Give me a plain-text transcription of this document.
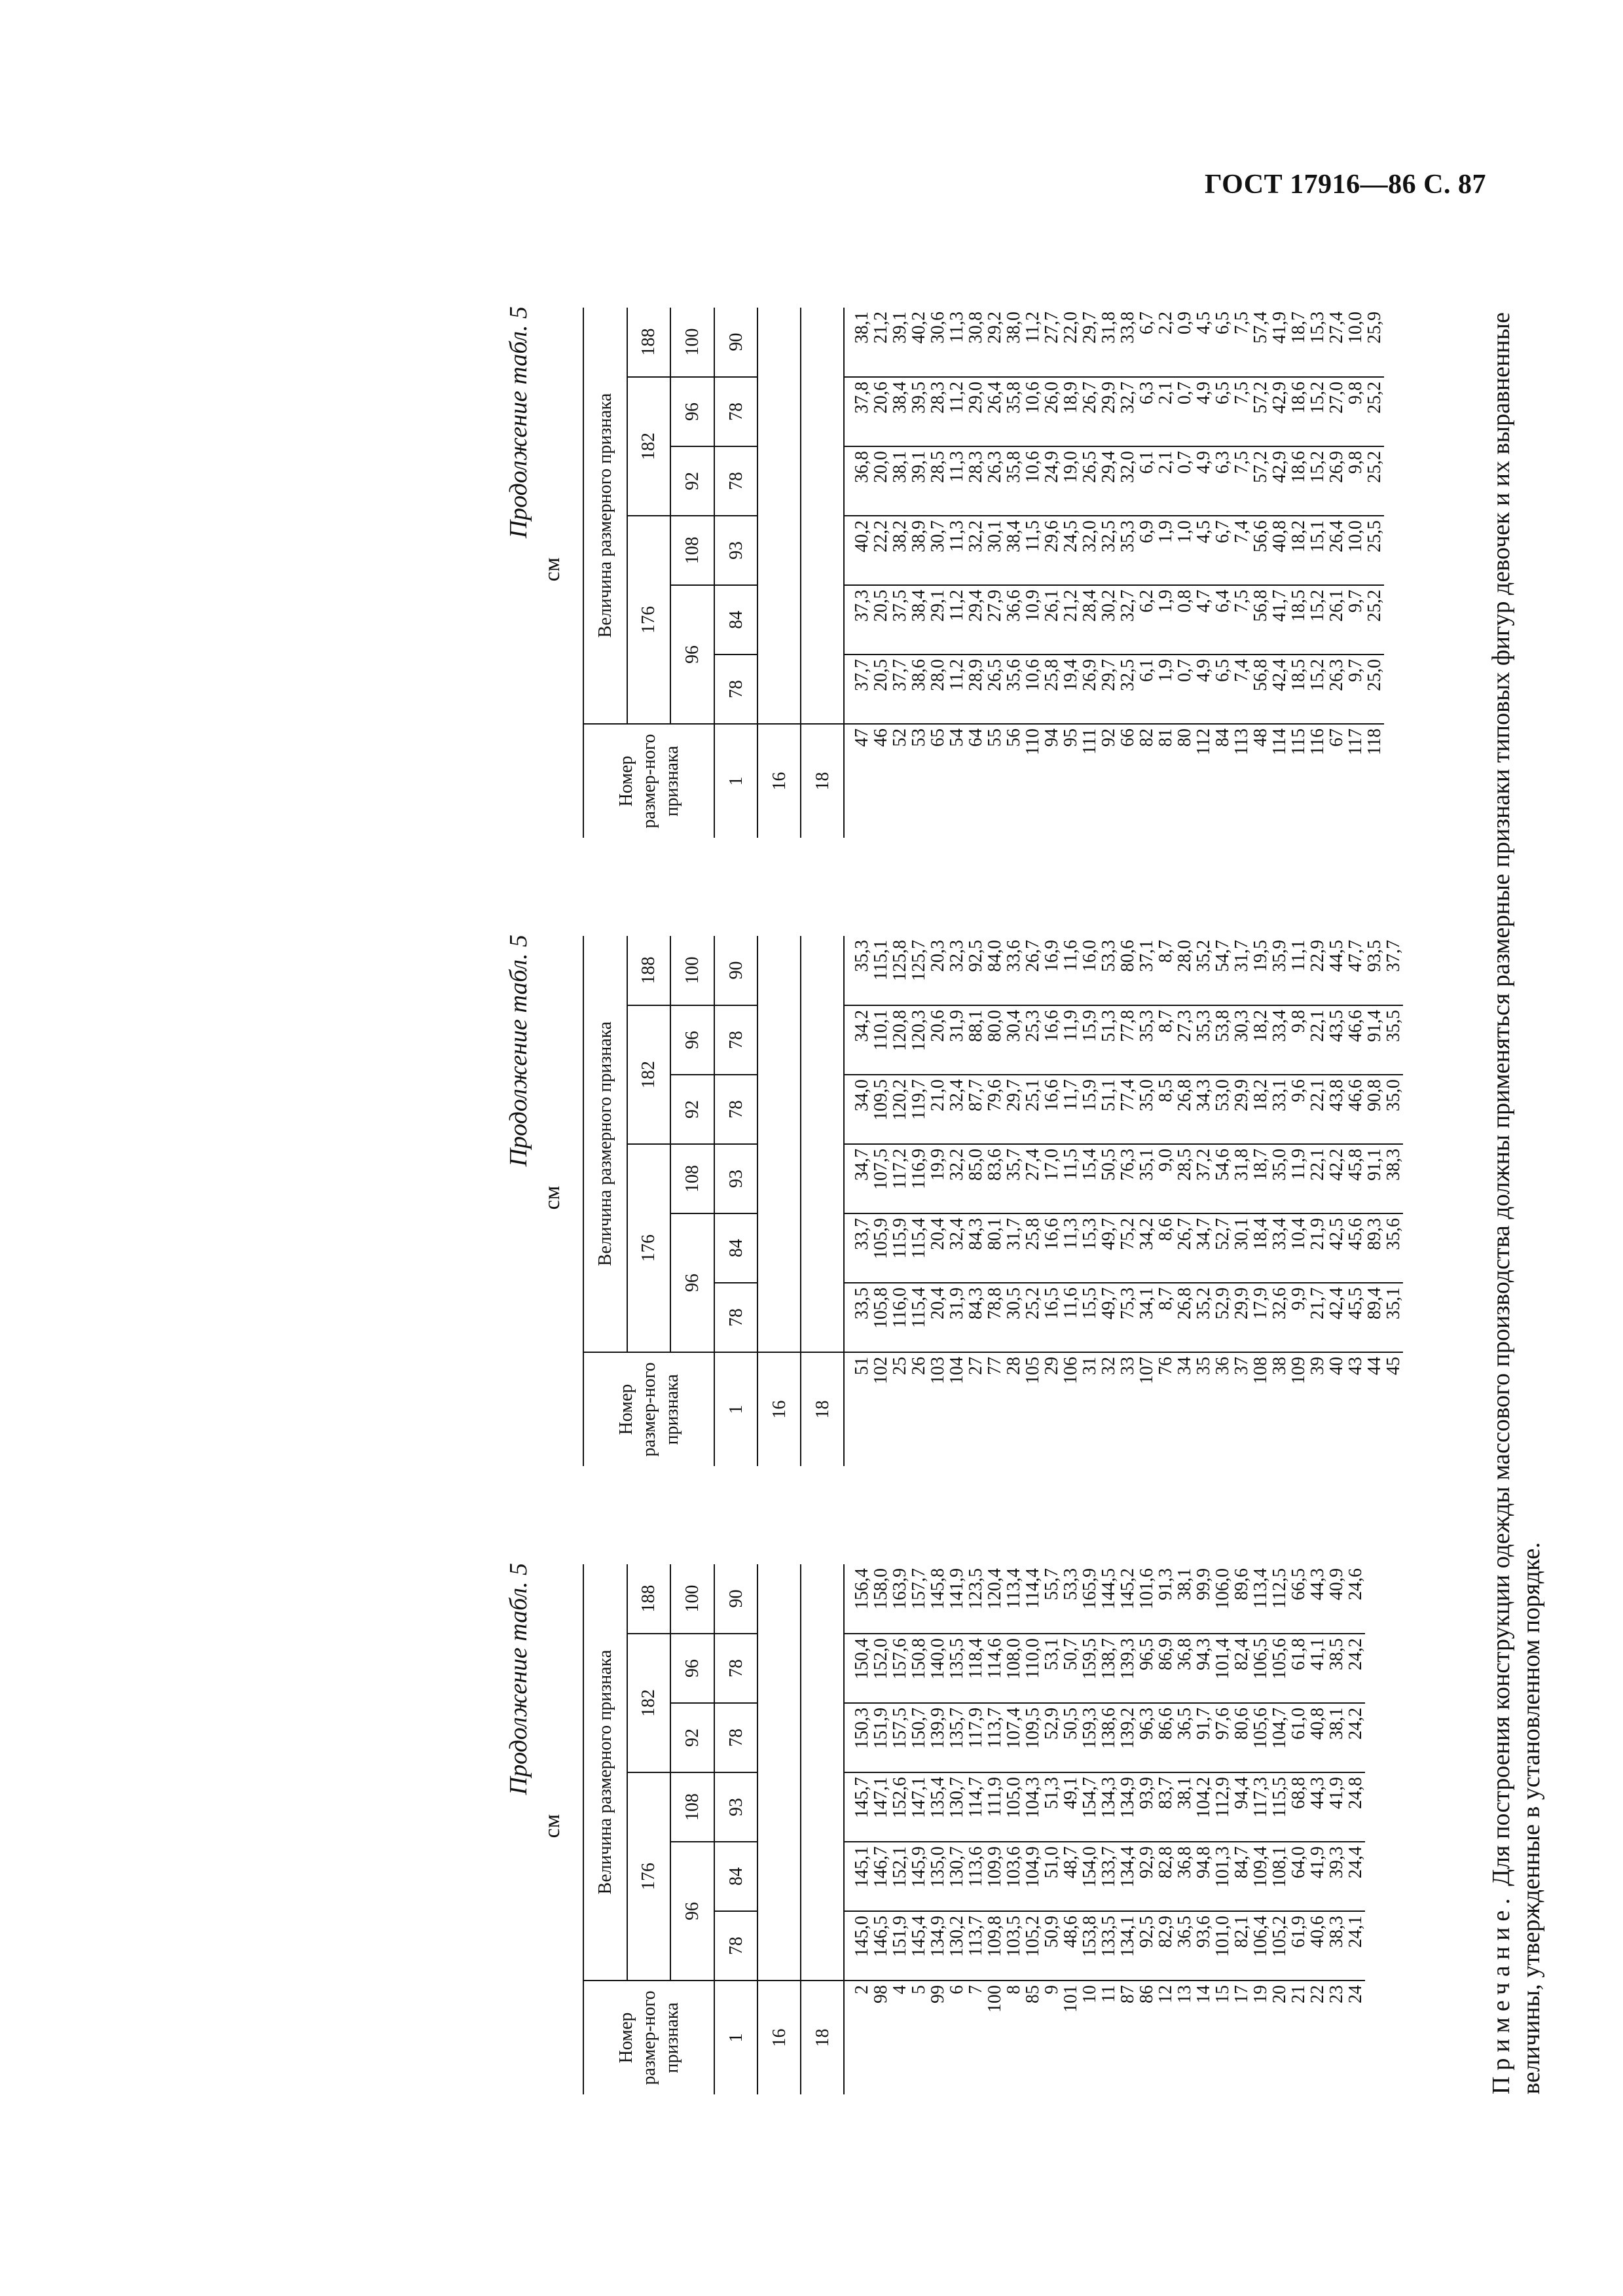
ГОСТ 17916—86 С. 87
Продолжение табл. 5
см
Номер размер-ного признака	Величина размерного признака					
	176			182		188
	96		108	92	96	100
1	78	84	93	78	78	90
16						
18						
2	145,0	145,1	145,7	150,3	150,4	156,4
98	146,5	146,7	147,1	151,9	152,0	158,0
4	151,9	152,1	152,6	157,5	157,6	163,9
5	145,4	145,9	147,1	150,7	150,8	157,7
99	134,9	135,0	135,4	139,9	140,0	145,8
6	130,2	130,7	130,7	135,7	135,5	141,9
7	113,7	113,6	114,7	117,9	118,4	123,5
100	109,8	109,9	111,9	113,7	114,6	120,4
8	103,5	103,6	105,0	107,4	108,0	113,4
85	105,2	104,9	104,3	109,5	110,0	114,4
9	50,9	51,0	51,3	52,9	53,1	55,7
101	48,6	48,7	49,1	50,5	50,7	53,3
10	153,8	154,0	154,7	159,3	159,5	165,9
11	133,5	133,7	134,3	138,6	138,7	144,5
87	134,1	134,4	134,9	139,2	139,3	145,2
86	92,5	92,9	93,9	96,3	96,5	101,6
12	82,9	82,8	83,7	86,6	86,9	91,3
13	36,5	36,8	38,1	36,5	36,8	38,1
14	93,6	94,8	104,2	91,7	94,3	99,9
15	101,0	101,3	112,9	97,6	101,4	106,0
17	82,1	84,7	94,4	80,6	82,4	89,6
19	106,4	109,4	117,3	105,6	106,5	113,4
20	105,2	108,1	115,5	104,7	105,6	112,5
21	61,9	64,0	68,8	61,0	61,8	66,5
22	40,6	41,9	44,3	40,8	41,1	44,3
23	38,3	39,3	41,9	38,1	38,5	40,9
24	24,1	24,4	24,8	24,2	24,2	24,6
Продолжение табл. 5
см
Номер размер-ного признака	Величина размерного признака					
	176			182		188
	96		108	92	96	100
1	78	84	93	78	78	90
16						
18						
51	33,5	33,7	34,7	34,0	34,2	35,3
102	105,8	105,9	107,5	109,5	110,1	115,1
25	116,0	115,9	117,2	120,2	120,8	125,8
26	115,4	115,4	116,9	119,7	120,3	125,7
103	20,4	20,4	19,9	21,0	20,6	20,3
104	31,9	32,4	32,2	32,4	31,9	32,3
27	84,3	84,3	85,0	87,7	88,1	92,5
77	78,8	80,1	83,6	79,6	80,0	84,0
28	30,5	31,7	35,7	29,7	30,4	33,6
105	25,2	25,8	27,4	25,1	25,3	26,7
29	16,5	16,6	17,0	16,6	16,6	16,9
106	11,6	11,3	11,5	11,7	11,9	11,6
31	15,5	15,3	15,4	15,9	15,9	16,0
32	49,7	49,7	50,5	51,1	51,3	53,3
33	75,3	75,2	76,3	77,4	77,8	80,6
107	34,1	34,2	35,1	35,0	35,3	37,1
76	8,7	8,6	9,0	8,5	8,7	8,7
34	26,8	26,7	28,5	26,8	27,3	28,0
35	35,2	34,7	37,2	34,3	35,3	35,2
36	52,9	52,7	54,6	53,0	53,8	54,7
37	29,9	30,1	31,8	29,9	30,3	31,7
108	17,9	18,4	18,7	18,2	18,2	19,5
38	32,6	33,4	35,0	33,1	33,4	35,9
109	9,9	10,4	11,9	9,6	9,8	11,1
39	21,7	21,9	22,1	22,1	22,1	22,9
40	42,4	42,5	42,2	43,8	43,5	44,5
43	45,5	45,6	45,8	46,6	46,6	47,7
44	89,4	89,3	91,1	90,8	91,4	93,5
45	35,1	35,6	38,3	35,0	35,5	37,7
Продолжение табл. 5
см
Номер размер-ного признака	Величина размерного признака					
	176			182		188
	96		108	92	96	100
1	78	84	93	78	78	90
16						
18						
47	37,7	37,3	40,2	36,8	37,8	38,1
46	20,5	20,5	22,2	20,0	20,6	21,2
52	37,7	37,5	38,2	38,1	38,4	39,1
53	38,6	38,4	38,9	39,1	39,5	40,2
65	28,0	29,1	30,7	28,5	28,3	30,6
54	11,2	11,2	11,3	11,3	11,2	11,3
64	28,9	29,4	32,2	28,3	29,0	30,8
55	26,5	27,9	30,1	26,3	26,4	29,2
56	35,6	36,6	38,4	35,8	35,8	38,0
110	10,6	10,9	11,5	10,6	10,6	11,2
94	25,8	26,1	29,6	24,9	26,0	27,7
95	19,4	21,2	24,5	19,0	18,9	22,0
111	26,9	28,4	32,0	26,5	26,7	29,7
92	29,7	30,2	32,5	29,4	29,9	31,8
66	32,5	32,7	35,3	32,0	32,7	33,8
82	6,1	6,2	6,9	6,1	6,3	6,7
81	1,9	1,9	1,9	2,1	2,1	2,2
80	0,7	0,8	1,0	0,7	0,7	0,9
112	4,9	4,7	4,5	4,9	4,9	4,5
84	6,5	6,4	6,7	6,3	6,5	6,5
113	7,4	7,5	7,4	7,5	7,5	7,5
48	56,8	56,8	56,6	57,2	57,2	57,4
114	42,4	41,7	40,8	42,9	42,9	41,9
115	18,5	18,5	18,2	18,6	18,6	18,7
116	15,2	15,2	15,1	15,2	15,2	15,3
67	26,3	26,1	26,4	26,9	27,0	27,4
117	9,7	9,7	10,0	9,8	9,8	10,0
118	25,0	25,2	25,5	25,2	25,2	25,9
Примечание. Для построения конструкции одежды массового производства должны применяться размерные признаки типовых фигур девочек и их выравненные величины, утвержденные в установленном порядке.
